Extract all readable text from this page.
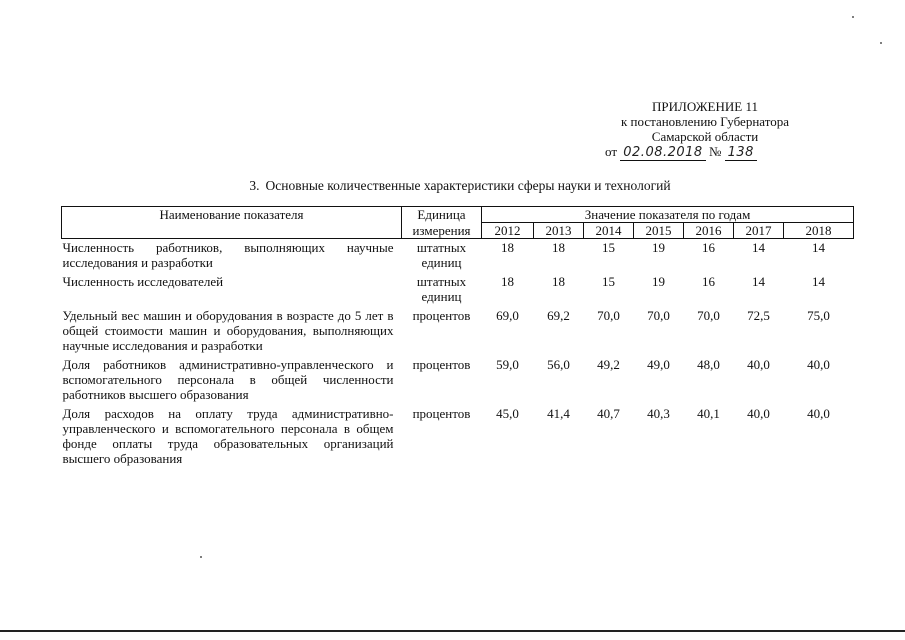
ПРИЛОЖЕНИЕ 11
к постановлению Губернатора
Самарской области
от 02.08.2018 № 138
3. Основные количественные характеристики сферы науки и технологий
Наименование показателя	Единица	Значение показателя по годам						
	измерения	2012	2013	2014	2015	2016	2017	2018
Численность работников, выполняющих научные исследования и разработки	штатных единиц	18	18	15	19	16	14	14
Численность исследователей	штатных единиц	18	18	15	19	16	14	14
Удельный вес машин и оборудования в возрасте до 5 лет в общей стоимости машин и оборудования, выполняющих научные исследования и разработки	процентов	69,0	69,2	70,0	70,0	70,0	72,5	75,0
Доля работников административно-управленческого и вспомогательного персонала в общей численности работников высшего образования	процентов	59,0	56,0	49,2	49,0	48,0	40,0	40,0
Доля расходов на оплату труда административно-управленческого и вспомогательного персонала в общем фонде оплаты труда образовательных организаций высшего образования	процентов	45,0	41,4	40,7	40,3	40,1	40,0	40,0
